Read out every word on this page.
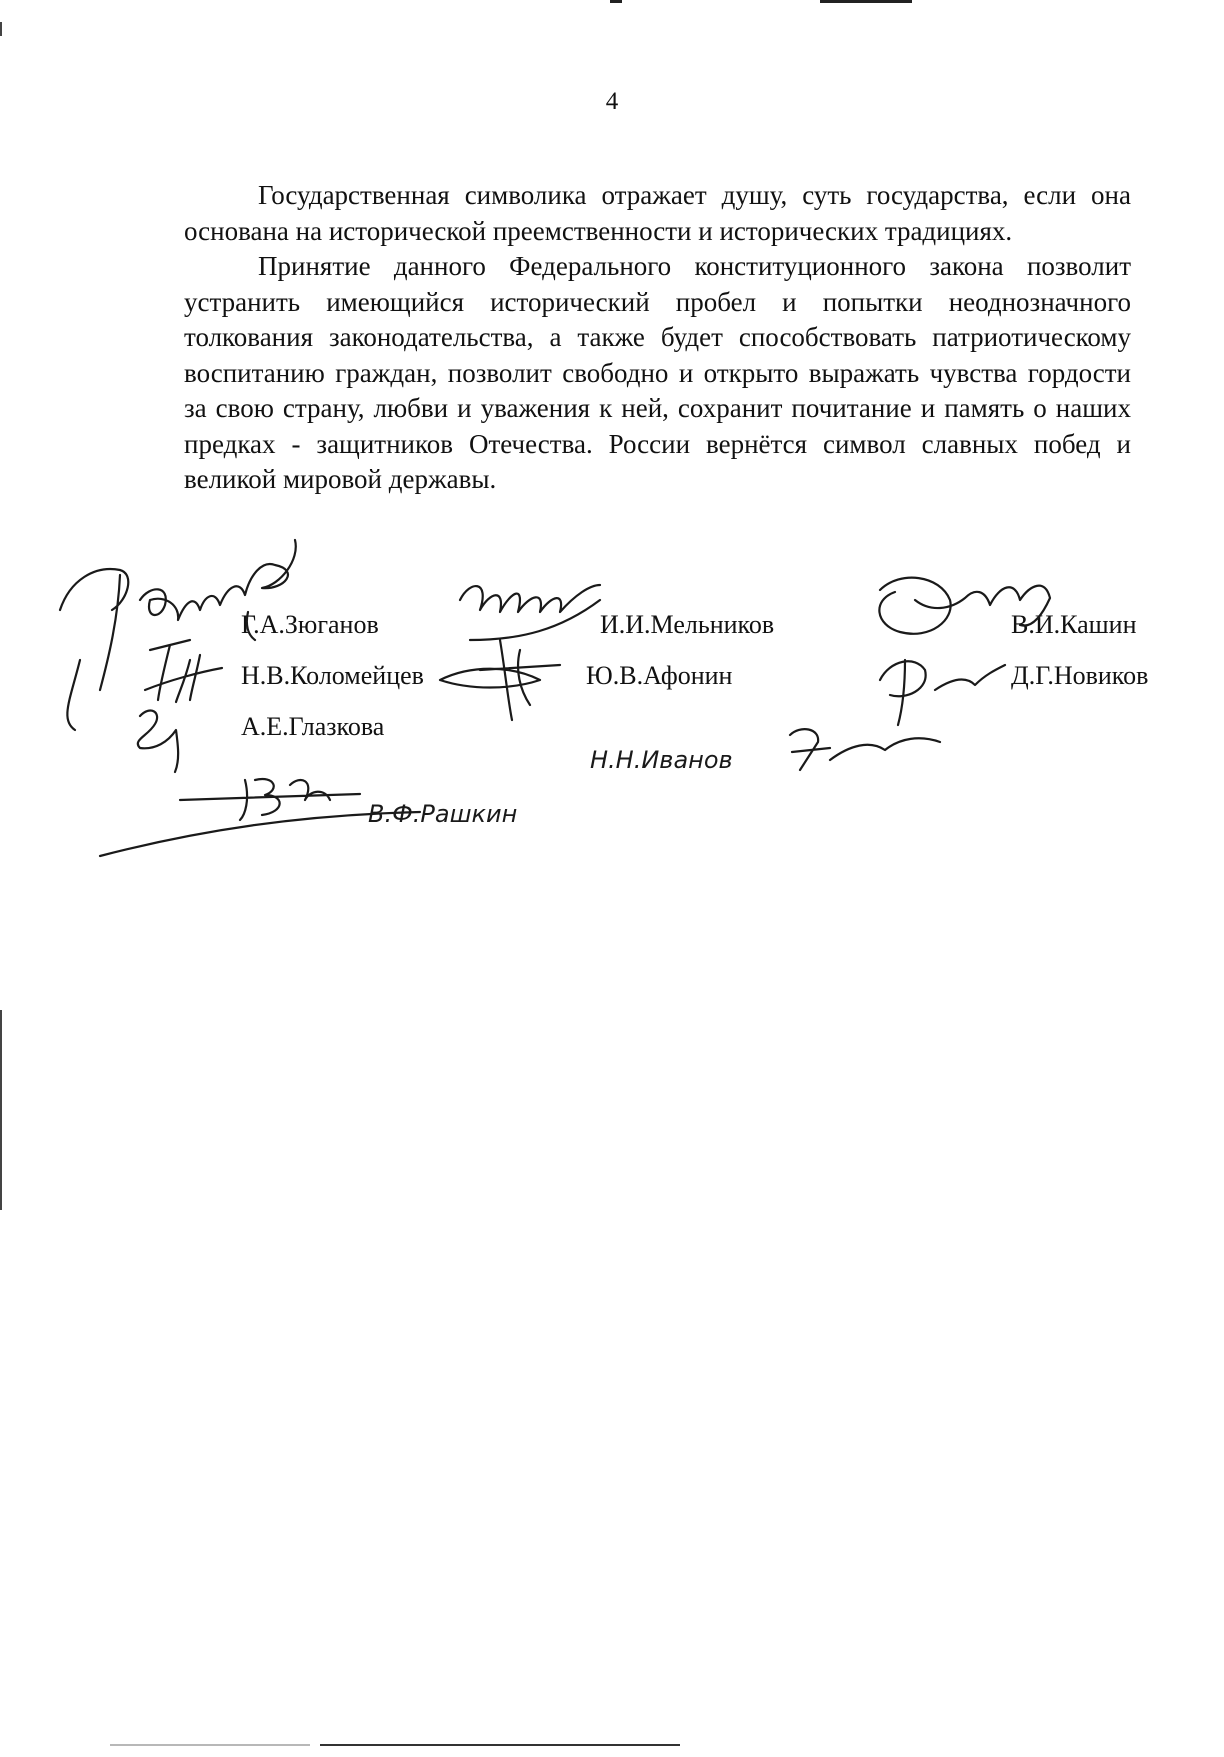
4

Государственная символика отражает душу, суть государства, если она основана на исторической преемственности и исторических традициях.

Принятие данного Федерального конституционного закона позволит устранить имеющийся исторический пробел и попытки неоднозначного толкования законодательства, а также будет способствовать патриотическому воспитанию граждан, позволит свободно и открыто выражать чувства гордости за свою страну, любви и уважения к ней, сохранит почитание и память о наших предках - защитников Отечества. России вернётся символ славных побед и великой мировой державы.

Г.А.Зюганов
Н.В.Коломейцев
А.Е.Глазкова
И.И.Мельников
Ю.В.Афонин
В.И.Кашин
Д.Г.Новиков
Н.Н.Иванов
В.Ф.Рашкин
